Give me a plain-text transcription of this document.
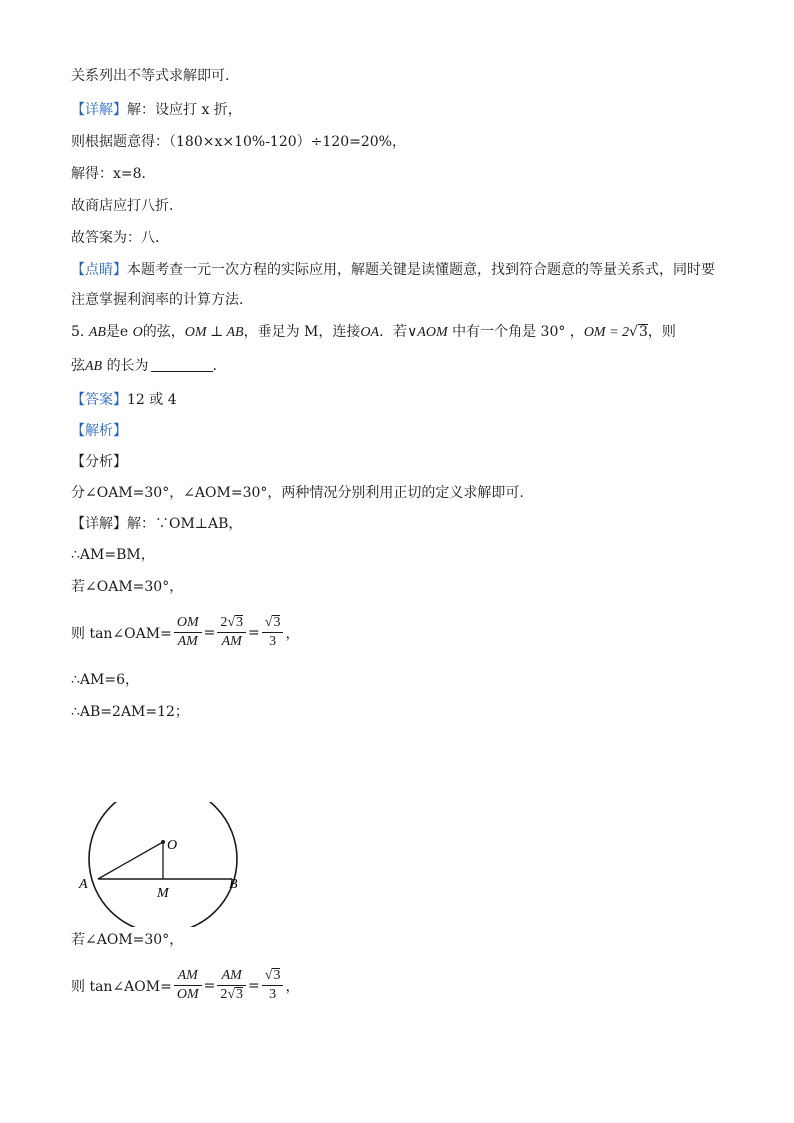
关系列出不等式求解即可.
【详解】解：设应打 x 折，
则根据题意得：（180×x×10%-120）÷120=20%，
解得：x=8．
故商店应打八折．
故答案为：八．
【点睛】本题考查一元一次方程的实际应用，解题关键是读懂题意，找到符合题意的等量关系式，同时要
注意掌握利润率的计算方法．
5. AB是e O的弦，OM ⊥ AB，垂足为 M，连接OA．若∨AOM 中有一个角是 30° ，OM = 2√3，则
弦AB 的长为	．
【答案】12 或 4
【解析】
【分析】
分∠OAM=30°，∠AOM=30°，两种情况分别利用正切的定义求解即可.
【详解】解：∵OM⊥AB，
∴AM=BM，
若∠OAM=30°，
则 tan∠OAM= $\frac{OM}{AM} = \frac{2√3}{AM} = \frac{√3}{3}$ ，
∴AM=6，
∴AB=2AM=12；
A	B
O
M
若∠AOM=30°，
则 tan∠AOM= $\frac{AM}{OM} = \frac{AM}{2√3} = \frac{√3}{3}$ ，
